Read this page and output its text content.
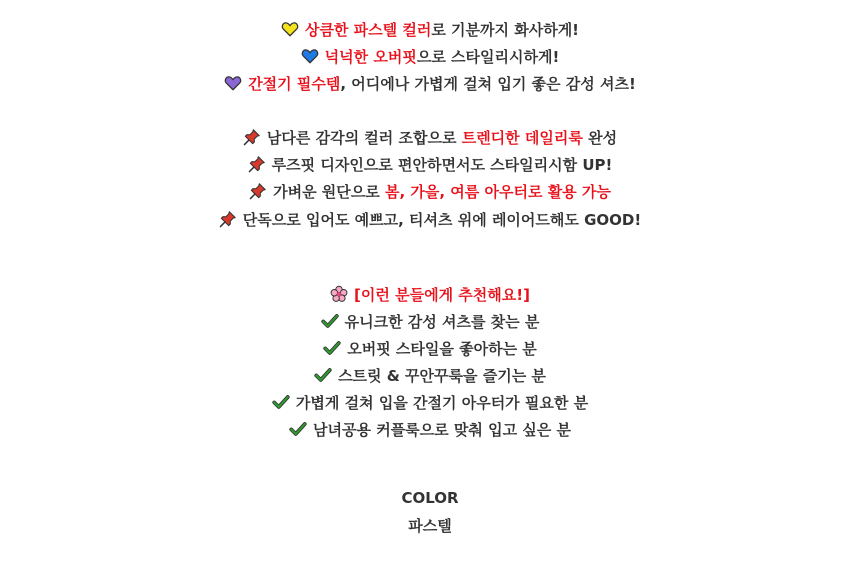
상큼한 파스텔 컬러로 기분까지 화사하게!
넉넉한 오버핏으로 스타일리시하게!
간절기 필수템, 어디에나 가볍게 걸쳐 입기 좋은 감성 셔츠!
남다른 감각의 컬러 조합으로 트렌디한 데일리룩 완성
루즈핏 디자인으로 편안하면서도 스타일리시함 UP!
가벼운 원단으로 봄, 가을, 여름 아우터로 활용 가능
단독으로 입어도 예쁘고, 티셔츠 위에 레이어드해도 GOOD!
[이런 분들에게 추천해요!]
유니크한 감성 셔츠를 찾는 분
오버핏 스타일을 좋아하는 분
스트릿 & 꾸안꾸룩을 즐기는 분
가볍게 걸쳐 입을 간절기 아우터가 필요한 분
남녀공용 커플룩으로 맞춰 입고 싶은 분
COLOR
파스텔
